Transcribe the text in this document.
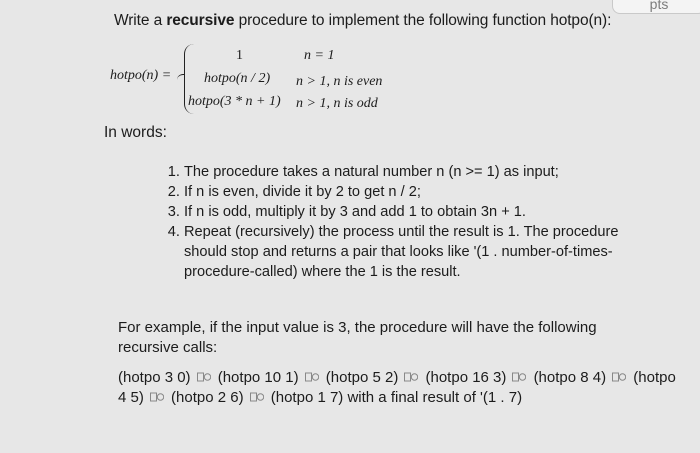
pts
Write a recursive procedure to implement the following function hotpo(n):
hotpo(n) =
1	n = 1
hotpo(n / 2) n > 1, n is even
hotpo(3 * n + 1) n > 1, n is odd
In words:
1. The procedure takes a natural number n (n >= 1) as input;
2. If n is even, divide it by 2 to get n / 2;
3. If n is odd, multiply it by 3 and add 1 to obtain 3n + 1.
4. Repeat (recursively) the process until the result is 1. The procedure should stop and returns a pair that looks like '(1 . number-of-times-procedure-called) where the 1 is the result.
For example, if the input value is 3, the procedure will have the following recursive calls:
(hotpo 3 0) (hotpo 10 1) (hotpo 5 2) (hotpo 16 3) (hotpo 8 4) (hotpo 4 5) (hotpo 2 6) (hotpo 1 7) with a final result of '(1 . 7)
